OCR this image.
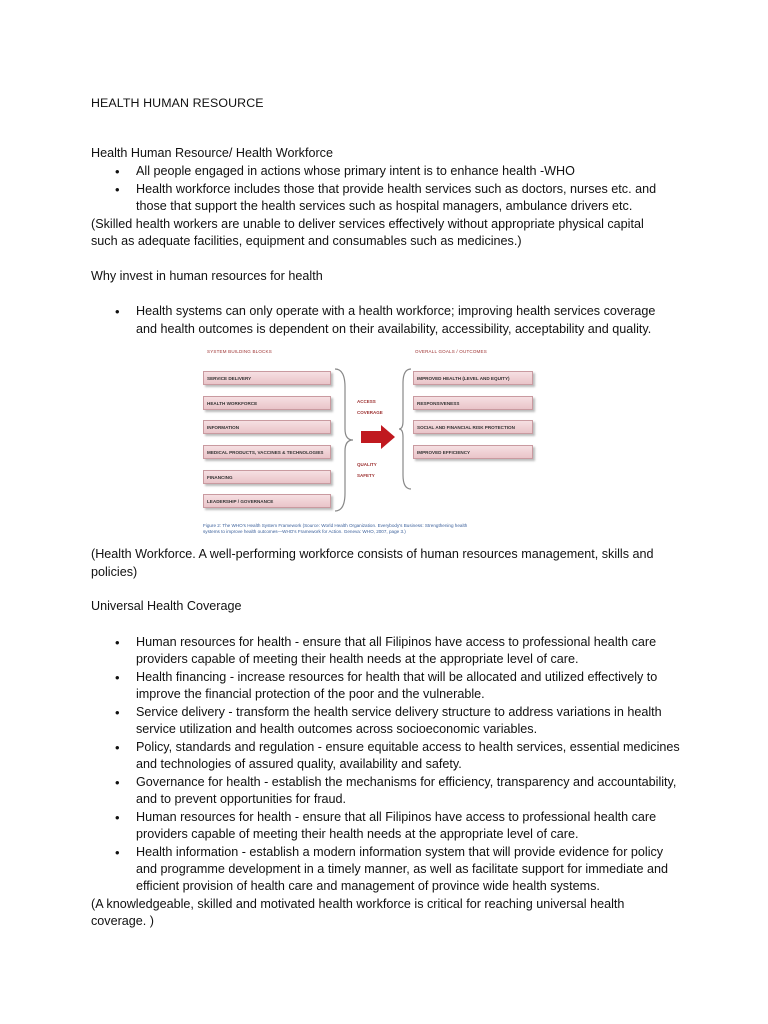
HEALTH HUMAN RESOURCE
Health Human Resource/ Health Workforce
• All people engaged in actions whose primary intent is to enhance health -WHO
• Health workforce includes those that provide health services such as doctors, nurses etc. and
those that support the health services such as hospital managers, ambulance drivers etc.
(Skilled health workers are unable to deliver services effectively without appropriate physical capital
such as adequate facilities, equipment and consumables such as medicines.)
Why invest in human resources for health
• Health systems can only operate with a health workforce; improving health services coverage
and health outcomes is dependent on their availability, accessibility, acceptability and quality.
SYSTEM BUILDING BLOCKS	OVERALL GOALS / OUTCOMES
SERVICE DELIVERY
HEALTH WORKFORCE
INFORMATION
MEDICAL PRODUCTS, VACCINES & TECHNOLOGIES
FINANCING
LEADERSHIP / GOVERNANCE
ACCESS
COVERAGE
QUALITY
SAFETY
IMPROVED HEALTH (LEVEL AND EQUITY)
RESPONSIVENESS
SOCIAL AND FINANCIAL RISK PROTECTION
IMPROVED EFFICIENCY
Figure 2: The WHO's Health System Framework (Source: World Health Organization. Everybody's Business: Strengthening health
systems to improve health outcomes—WHO's Framework for Action. Geneva: WHO, 2007, page 3.)
(Health Workforce. A well-performing workforce consists of human resources management, skills and
policies)
Universal Health Coverage
• Human resources for health - ensure that all Filipinos have access to professional health care
providers capable of meeting their health needs at the appropriate level of care.
• Health financing - increase resources for health that will be allocated and utilized effectively to
improve the financial protection of the poor and the vulnerable.
• Service delivery - transform the health service delivery structure to address variations in health
service utilization and health outcomes across socioeconomic variables.
• Policy, standards and regulation - ensure equitable access to health services, essential medicines
and technologies of assured quality, availability and safety.
• Governance for health - establish the mechanisms for efficiency, transparency and accountability,
and to prevent opportunities for fraud.
• Human resources for health - ensure that all Filipinos have access to professional health care
providers capable of meeting their health needs at the appropriate level of care.
• Health information - establish a modern information system that will provide evidence for policy
and programme development in a timely manner, as well as facilitate support for immediate and
efficient provision of health care and management of province wide health systems.
(A knowledgeable, skilled and motivated health workforce is critical for reaching universal health
coverage. )
